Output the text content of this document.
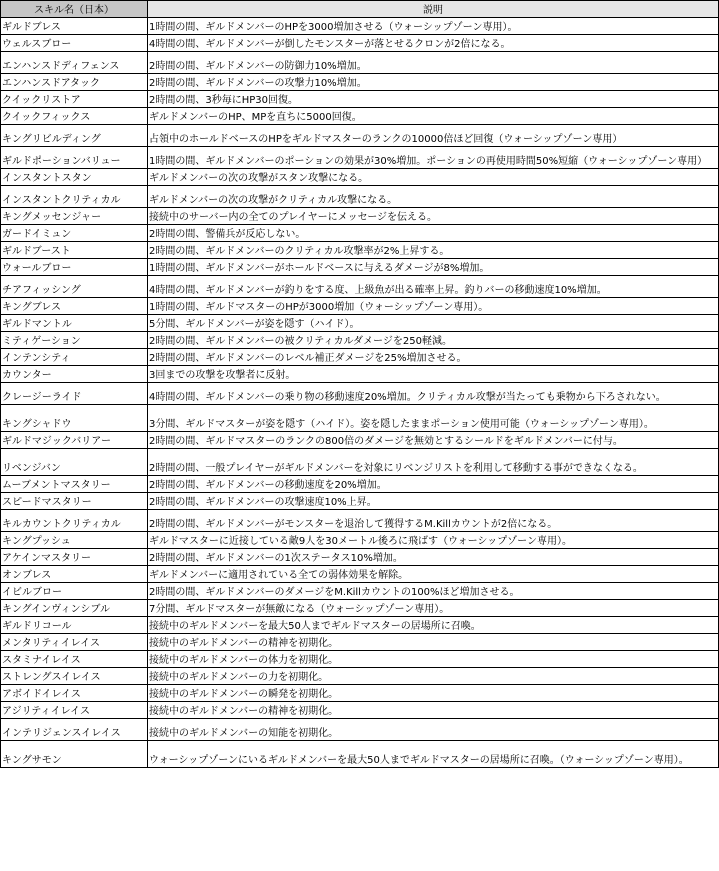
スキル名（日本）	説明
ギルドブレス	1時間の間、ギルドメンバーのHPを3000増加させる（ウォーシップゾーン専用）。
ウェルスブロー	4時間の間、ギルドメンバーが倒したモンスターが落とせるクロンが2倍になる。
エンハンスドディフェンス	2時間の間、ギルドメンバーの防御力10%増加。
エンハンスドアタック	2時間の間、ギルドメンバーの攻撃力10%増加。
クイックリストア	2時間の間、3秒毎にHP30回復。
クイックフィックス	ギルドメンバーのHP、MPを直ちに5000回復。
キングリビルディング	占領中のホールドベースのHPをギルドマスターのランクの10000倍ほど回復（ウォーシップゾーン専用）
ギルドポーションバリュー	1時間の間、ギルドメンバーのポーションの効果が30%増加。ポーションの再使用時間50%短縮（ウォーシップゾーン専用）
インスタントスタン	ギルドメンバーの次の攻撃がスタン攻撃になる。
インスタントクリティカル	ギルドメンバーの次の攻撃がクリティカル攻撃になる。
キングメッセンジャー	接続中のサーバー内の全てのプレイヤーにメッセージを伝える。
ガードイミュン	2時間の間、警備兵が反応しない。
ギルドブースト	2時間の間、ギルドメンバーのクリティカル攻撃率が2%上昇する。
ウォールブロー	1時間の間、ギルドメンバーがホールドベースに与えるダメージが8%増加。
チアフィッシング	4時間の間、ギルドメンバーが釣りをする度、上級魚が出る確率上昇。釣りバーの移動速度10%増加。
キングブレス	1時間の間、ギルドマスターのHPが3000増加（ウォーシップゾーン専用）。
ギルドマントル	5分間、ギルドメンバーが姿を隠す（ハイド）。
ミティゲーション	2時間の間、ギルドメンバーの被クリティカルダメージを250軽減。
インテンシティ	2時間の間、ギルドメンバーのレベル補正ダメージを25%増加させる。
カウンター	3回までの攻撃を攻撃者に反射。
クレージーライド	4時間の間、ギルドメンバーの乗り物の移動速度20%増加。クリティカル攻撃が当たっても乗物から下ろされない。
キングシャドウ	3分間、ギルドマスターが姿を隠す（ハイド）。姿を隠したままポーション使用可能（ウォーシップゾーン専用）。
ギルドマジックバリアー	2時間の間、ギルドマスターのランクの800倍のダメージを無効とするシールドをギルドメンバーに付与。
リベンジバン	2時間の間、一般プレイヤーがギルドメンバーを対象にリベンジリストを利用して移動する事ができなくなる。
ムーブメントマスタリー	2時間の間、ギルドメンバーの移動速度を20%増加。
スピードマスタリー	2時間の間、ギルドメンバーの攻撃速度10%上昇。
キルカウントクリティカル	2時間の間、ギルドメンバーがモンスターを退治して獲得するM.Killカウントが2倍になる。
キングプッシュ	ギルドマスターに近接している敵9人を30メートル後ろに飛ばす（ウォーシップゾーン専用）。
アケインマスタリー	2時間の間、ギルドメンバーの1次ステータス10%増加。
オンブレス	ギルドメンバーに適用されている全ての弱体効果を解除。
イビルブロー	2時間の間、ギルドメンバーのダメージをM.Killカウントの100%ほど増加させる。
キングインヴィンシブル	7分間、ギルドマスターが無敵になる（ウォーシップゾーン専用）。
ギルドリコール	接続中のギルドメンバーを最大50人までギルドマスターの居場所に召喚。
メンタリティイレイス	接続中のギルドメンバーの精神を初期化。
スタミナイレイス	接続中のギルドメンバーの体力を初期化。
ストレングスイレイス	接続中のギルドメンバーの力を初期化。
アボイドイレイス	接続中のギルドメンバーの瞬発を初期化。
アジリティイレイス	接続中のギルドメンバーの精神を初期化。
インテリジェンスイレイス	接続中のギルドメンバーの知能を初期化。
キングサモン	ウォーシップゾーンにいるギルドメンバーを最大50人までギルドマスターの居場所に召喚。（ウォーシップゾーン専用）。
